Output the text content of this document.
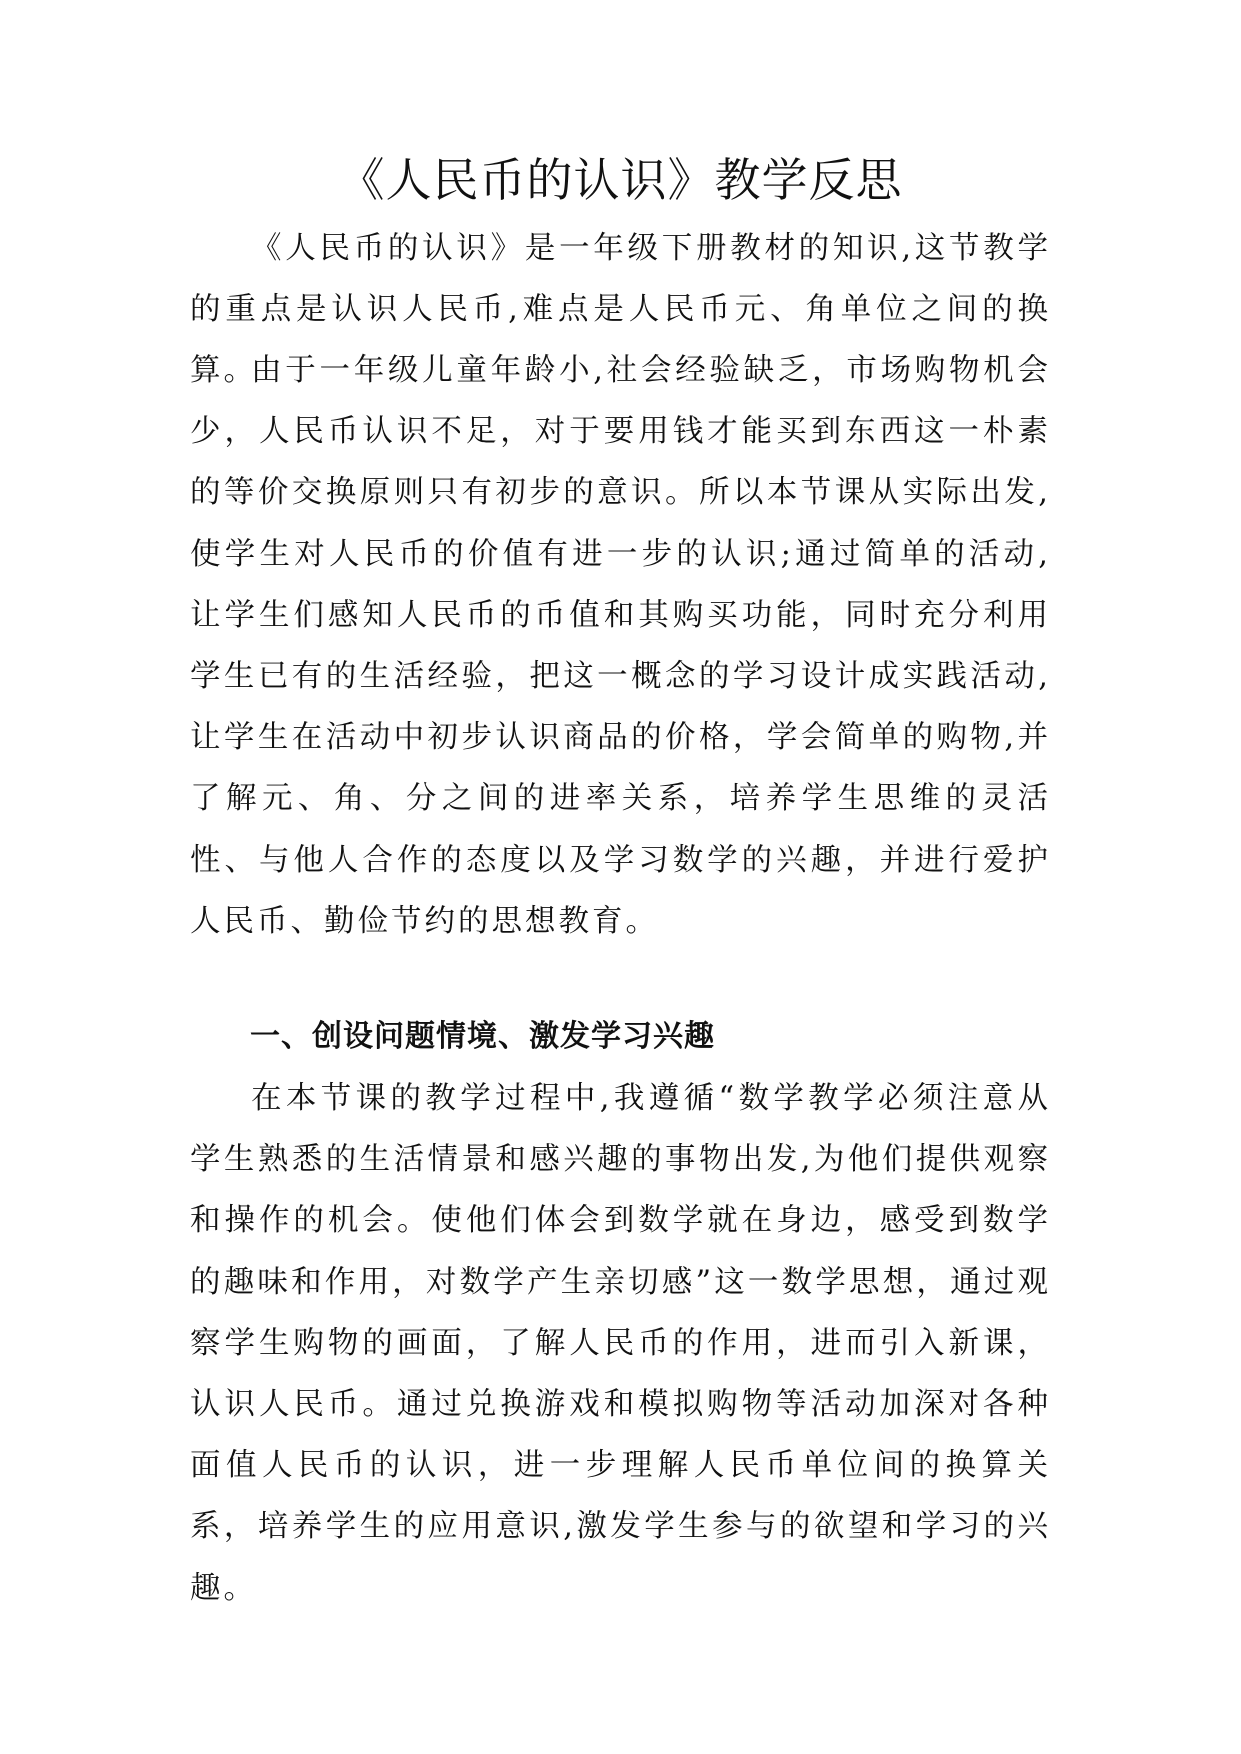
《人民币的认识》教学反思

《人民币的认识》是一年级下册教材的知识,这节教学的重点是认识人民币,难点是人民币元、角单位之间的换算。

由于一年级儿童年龄小,社会经验缺乏，市场购物机会少，人民币认识不足，对于要用钱才能买到东西这一朴素的等价交换原则只有初步的意识。所以本节课从实际出发,使学生对人民币的价值有进一步的认识;通过简单的活动,让学生们感知人民币的币值和其购买功能，同时充分利用学生已有的生活经验，把这一概念的学习设计成实践活动,让学生在活动中初步认识商品的价格，学会简单的购物,并了解元、角、分之间的进率关系，培养学生思维的灵活性、与他人合作的态度以及学习数学的兴趣，并进行爱护人民币、勤俭节约的思想教育。

一、创设问题情境、激发学习兴趣

在本节课的教学过程中,我遵循“数学教学必须注意从学生熟悉的生活情景和感兴趣的事物出发,为他们提供观察和操作的机会。使他们体会到数学就在身边，感受到数学的趣味和作用，对数学产生亲切感”这一数学思想，通过观察学生购物的画面，了解人民币的作用，进而引入新课，认识人民币。通过兑换游戏和模拟购物等活动加深对各种面值人民币的认识，进一步理解人民币单位间的换算关系，培养学生的应用意识,激发学生参与的欲望和学习的兴趣。
